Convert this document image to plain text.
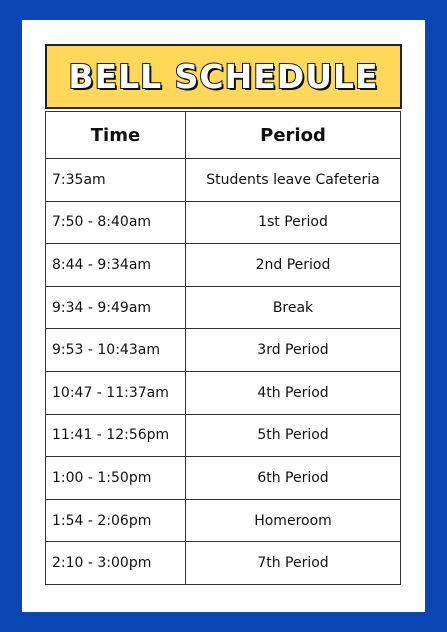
BELL SCHEDULE
Time	Period
7:35am	Students leave Cafeteria
7:50 - 8:40am	1st Period
8:44 - 9:34am	2nd Period
9:34 - 9:49am	Break
9:53 - 10:43am	3rd Period
10:47 - 11:37am	4th Period
11:41 - 12:56pm	5th Period
1:00 - 1:50pm	6th Period
1:54 - 2:06pm	Homeroom
2:10 - 3:00pm	7th Period
